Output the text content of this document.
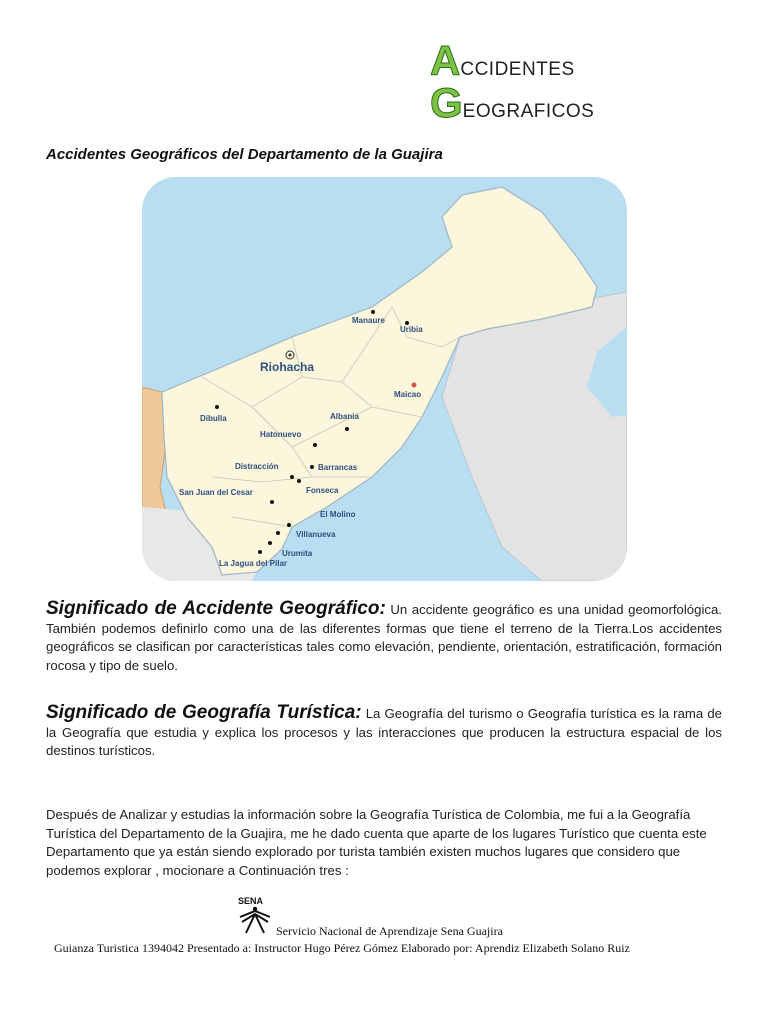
ACCIDENTES GEOGRAFICOS
Accidentes Geográficos del Departamento de la Guajira
Riohacha
Manaure
Uribia
Maicao
Dibulla	Albania
Hatonuevo
Distracción	Barrancas
Fonseca
San Juan del Cesar
El Molino
Villanueva
Urumita
La Jagua del Pilar
Significado de Accidente Geográfico: Un accidente geográfico es una unidad geomorfológica. También podemos definirlo como una de las diferentes formas que tiene el terreno de la Tierra.Los accidentes geográficos se clasifican por características tales como elevación, pendiente, orientación, estratificación, formación rocosa y tipo de suelo.
Significado de Geografía Turística: La Geografía del turismo o Geografía turística es la rama de la Geografía que estudia y explica los procesos y las interacciones que producen la estructura espacial de los destinos turísticos.
Después de Analizar y estudias la información sobre la Geografía Turística de Colombia, me fui a la Geografía Turística del Departamento de la Guajira, me he dado cuenta que aparte de los lugares Turístico que cuenta este Departamento que ya están siendo explorado por turista también existen muchos lugares que considero que podemos explorar , mocionare a Continuación tres :
SENA
Servicio Nacional de Aprendizaje Sena Guajira
Guianza Turistica 1394042 Presentado a: Instructor Hugo Pérez Gómez Elaborado por: Aprendiz Elizabeth Solano Ruiz
